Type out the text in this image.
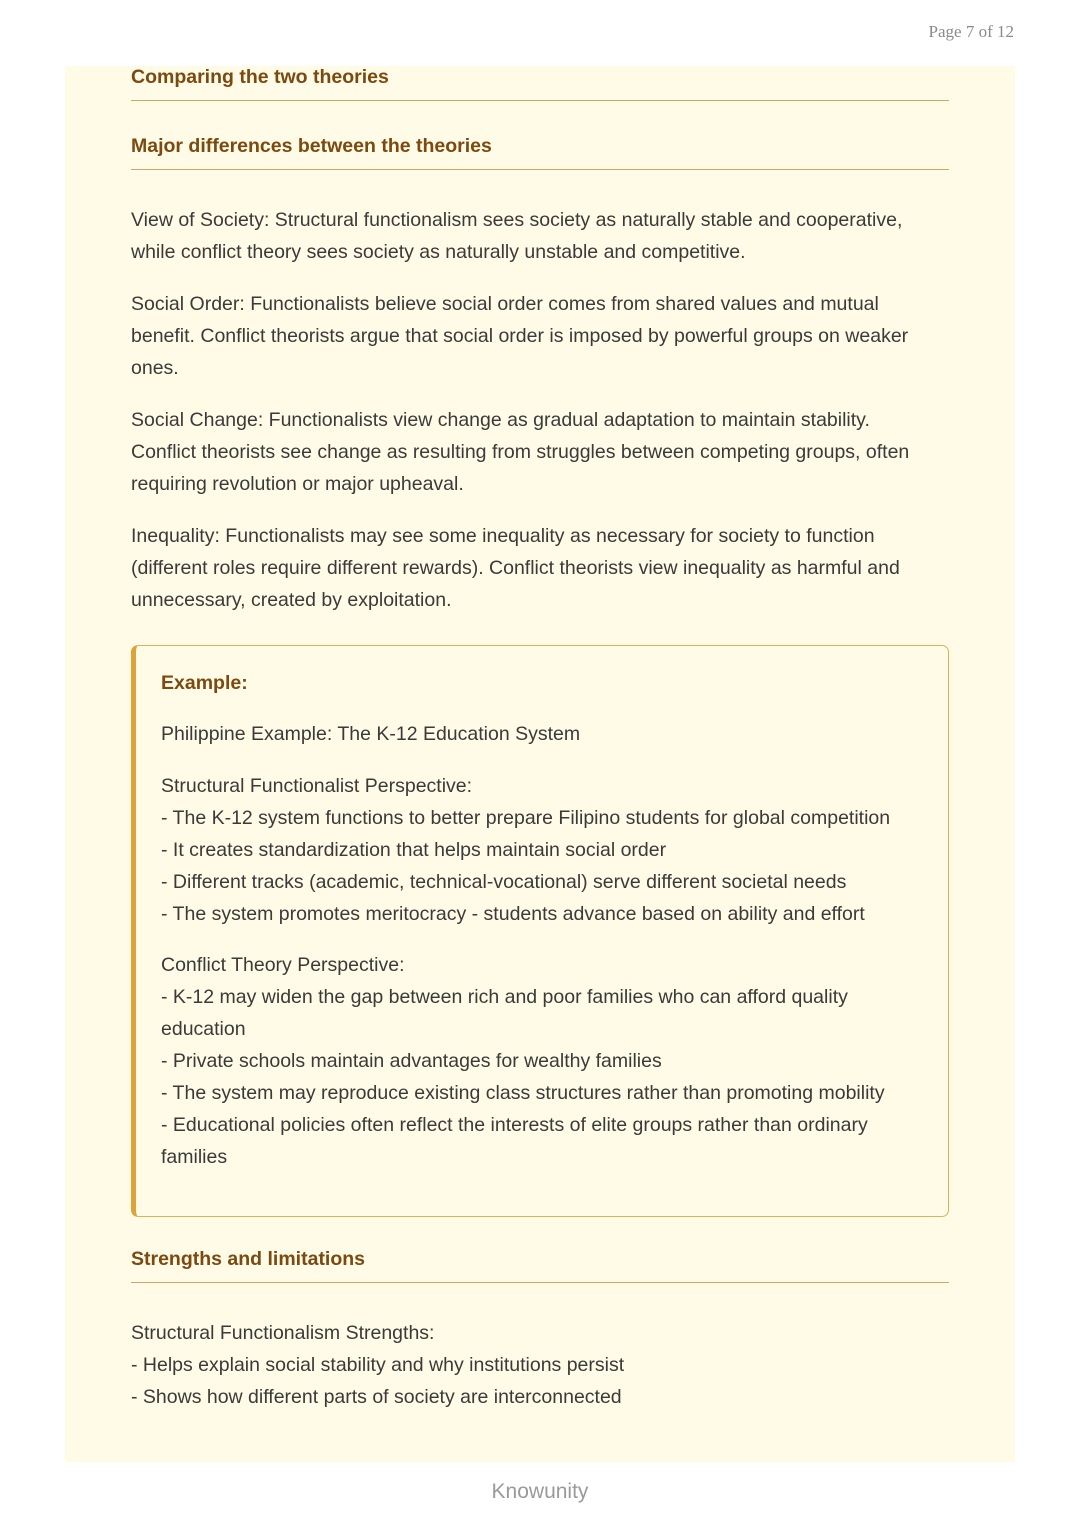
Page 7 of 12
Comparing the two theories
Major differences between the theories

View of Society: Structural functionalism sees society as naturally stable and cooperative,

while conflict theory sees society as naturally unstable and competitive.

Social Order: Functionalists believe social order comes from shared values and mutual

benefit. Conflict theorists argue that social order is imposed by powerful groups on weaker

ones.

Social Change: Functionalists view change as gradual adaptation to maintain stability.

Conflict theorists see change as resulting from struggles between competing groups, often

requiring revolution or major upheaval.

Inequality: Functionalists may see some inequality as necessary for society to function

(different roles require different rewards). Conflict theorists view inequality as harmful and

unnecessary, created by exploitation.

Example:
Philippine Example: The K-12 Education System
Structural Functionalist Perspective:
- The K-12 system functions to better prepare Filipino students for global competition
- It creates standardization that helps maintain social order
- Different tracks (academic, technical-vocational) serve different societal needs
- The system promotes meritocracy - students advance based on ability and effort
Conflict Theory Perspective:
- K-12 may widen the gap between rich and poor families who can afford quality
education
- Private schools maintain advantages for wealthy families
- The system may reproduce existing class structures rather than promoting mobility
- Educational policies often reflect the interests of elite groups rather than ordinary
families
Strengths and limitations
Structural Functionalism Strengths:
- Helps explain social stability and why institutions persist
- Shows how different parts of society are interconnected
Knowunity
